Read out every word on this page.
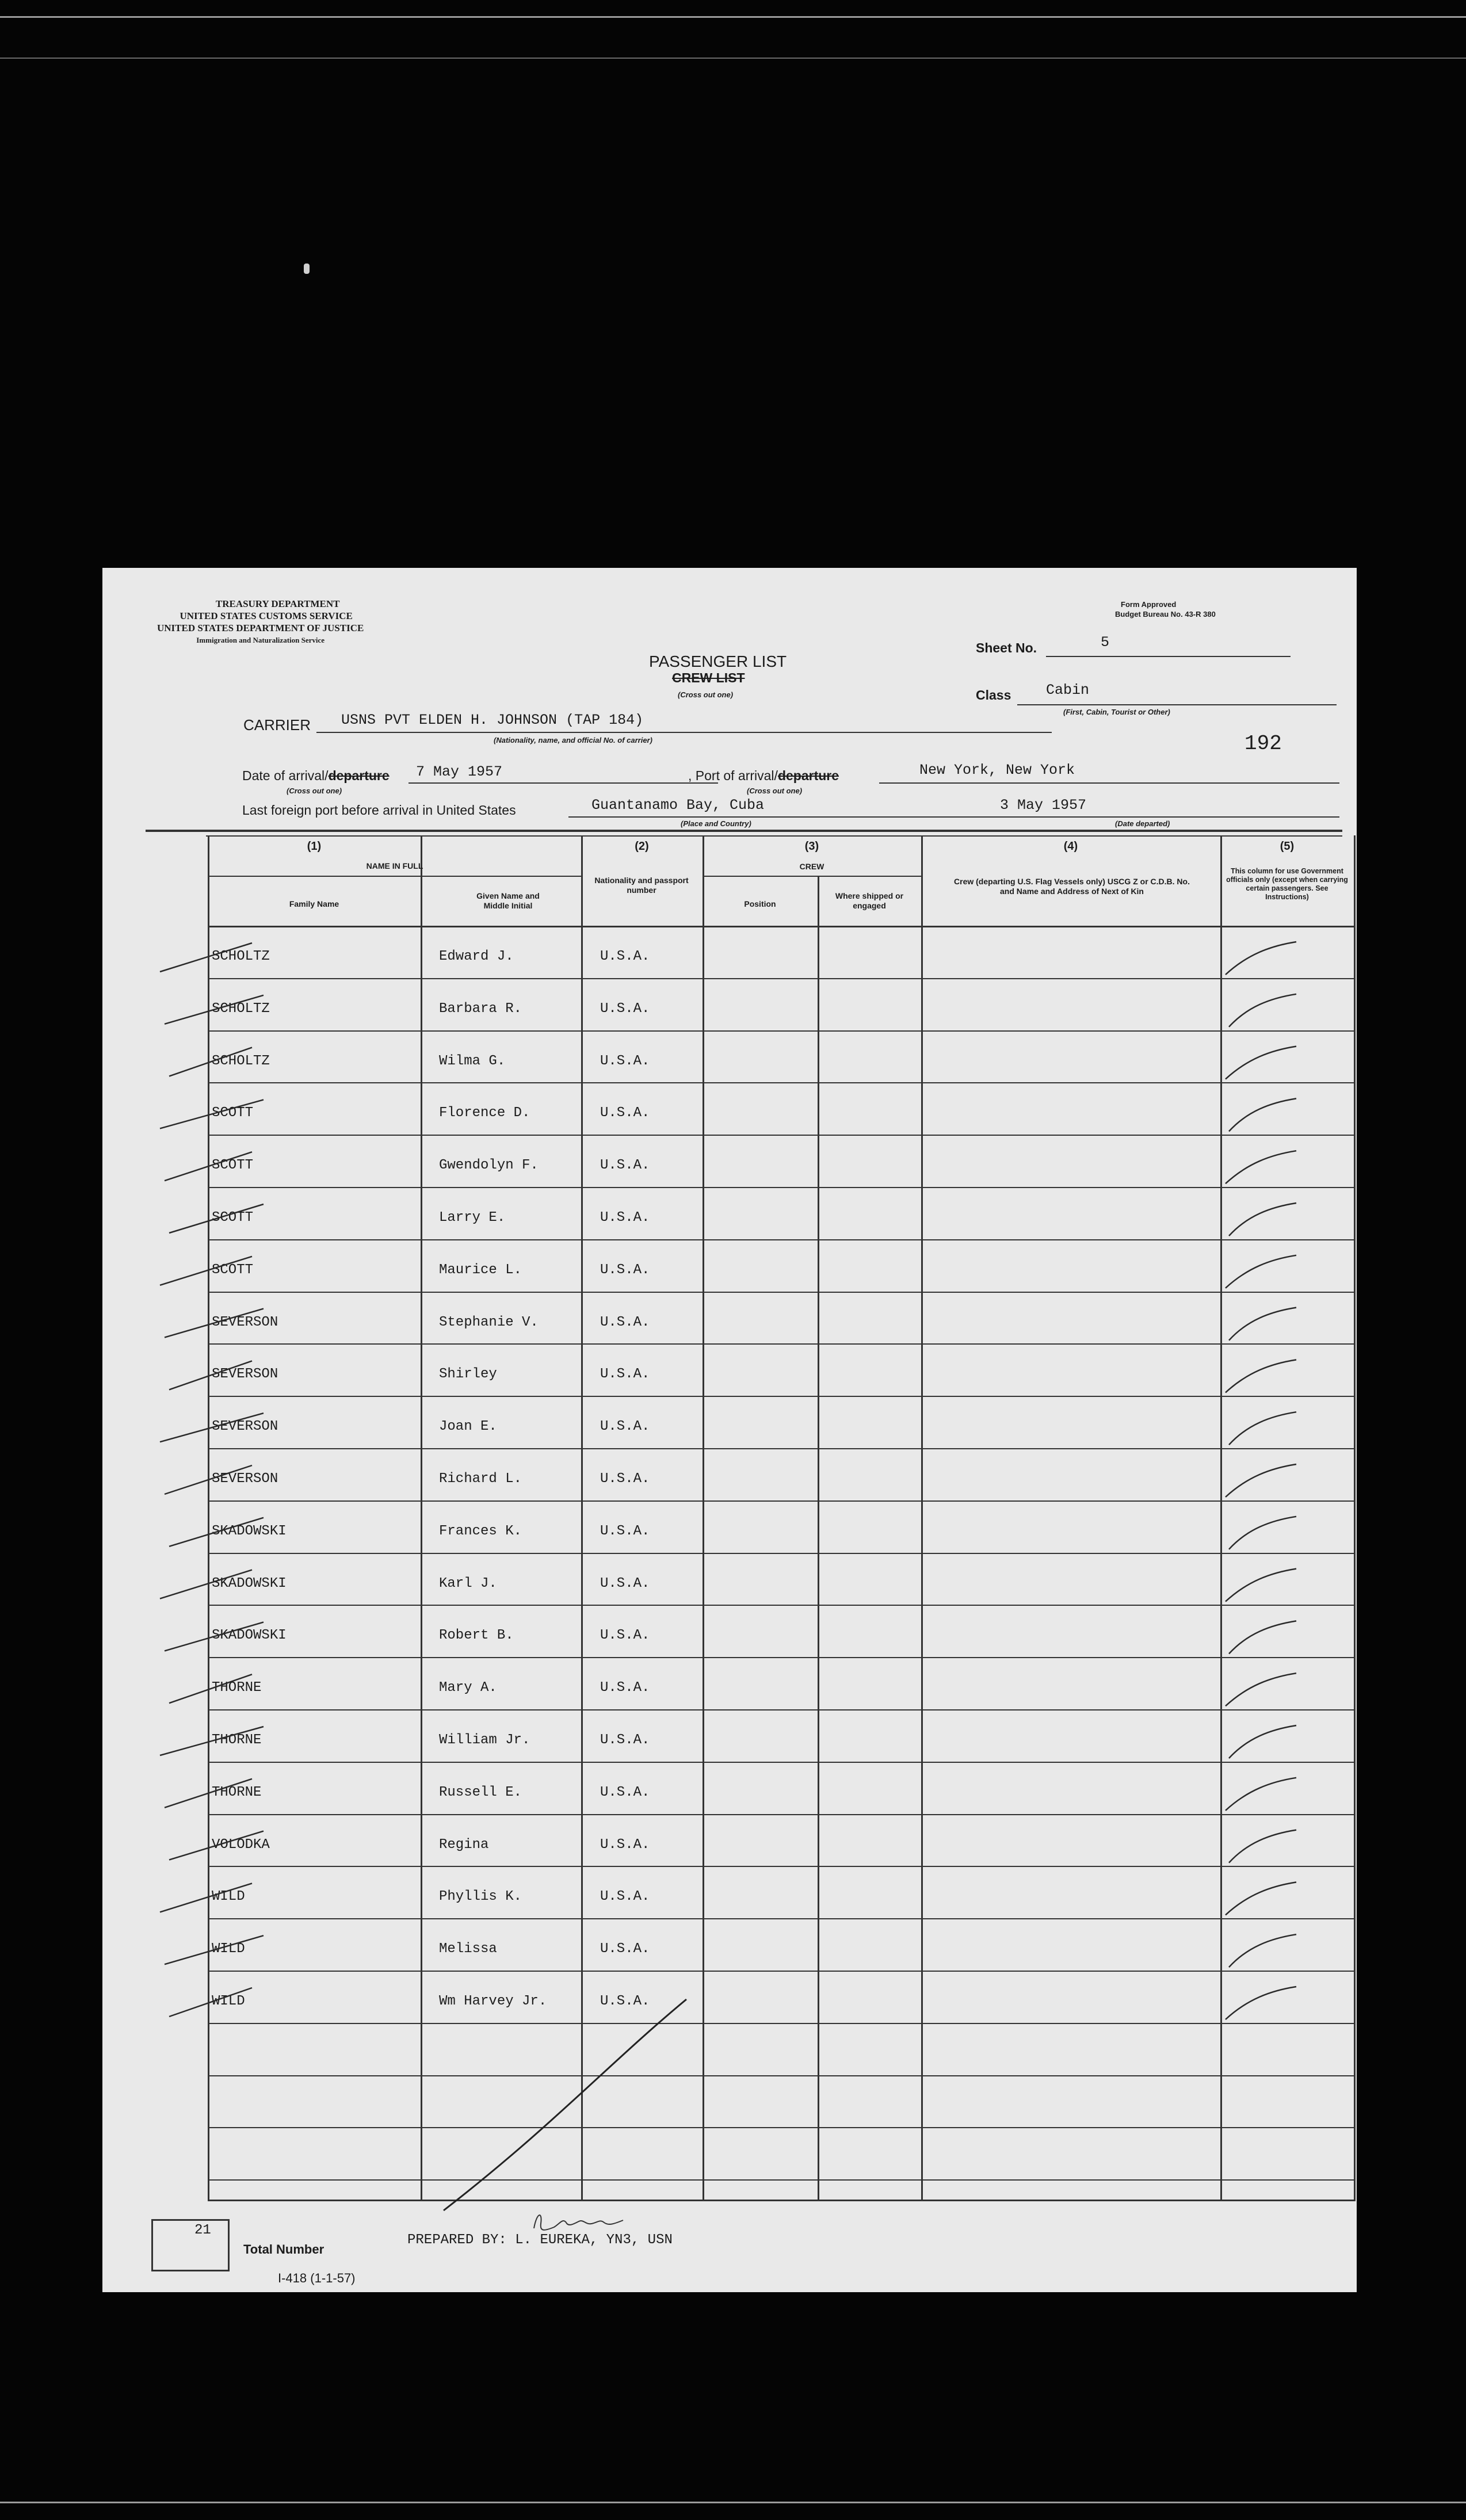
TREASURY DEPARTMENT
UNITED STATES CUSTOMS SERVICE
UNITED STATES DEPARTMENT OF JUSTICE
Immigration and Naturalization Service
Form Approved
Budget Bureau No. 43-R 380
PASSENGER LIST
CREW LIST
(Cross out one)
Sheet No.	5
Class Cabin
(First, Cabin, Tourist or Other)
192
CARRIER USNS PVT ELDEN H. JOHNSON (TAP 184)
(Nationality, name, and official No. of carrier)
Date of arrival/departure 7 May 1957
(Cross out one)
, Port of arrival/departure	New York, New York
(Cross out one)
Last foreign port before arrival in United States	Guantanamo Bay, Cuba
(Place and Country)
3 May 1957
(Date departed)
(1)
NAME IN FULL
Family Name
Given Name and Middle Initial
(2)
Nationality and passport number
(3)
CREW
Position
Where shipped or engaged
(4)
Crew (departing U.S. Flag Vessels only) USCG Z or C.D.B. No. and Name and Address of Next of Kin
(5)
This column for use Government officials only (except when carrying certain passengers. See Instructions)
SCHOLTZ	Edward J.	U.S.A.
SCHOLTZ	Barbara R.	U.S.A.
SCHOLTZ	Wilma G.	U.S.A.
SCOTT	Florence D.	U.S.A.
SCOTT	Gwendolyn F.	U.S.A.
SCOTT	Larry E.	U.S.A.
SCOTT	Maurice L.	U.S.A.
SEVERSON	Stephanie V.	U.S.A.
SEVERSON	Shirley	U.S.A.
SEVERSON	Joan E.	U.S.A.
SEVERSON	Richard L.	U.S.A.
SKADOWSKI	Frances K.	U.S.A.
SKADOWSKI	Karl J.	U.S.A.
SKADOWSKI	Robert B.	U.S.A.
THORNE	Mary A.	U.S.A.
THORNE	William Jr.	U.S.A.
THORNE	Russell E.	U.S.A.
VOLODKA	Regina	U.S.A.
WILD	Phyllis K.	U.S.A.
WILD	Melissa	U.S.A.
WILD	Wm Harvey Jr.	U.S.A.
21
Total Number
PREPARED BY: L. EUREKA, YN3, USN
I-418 (1-1-57)
